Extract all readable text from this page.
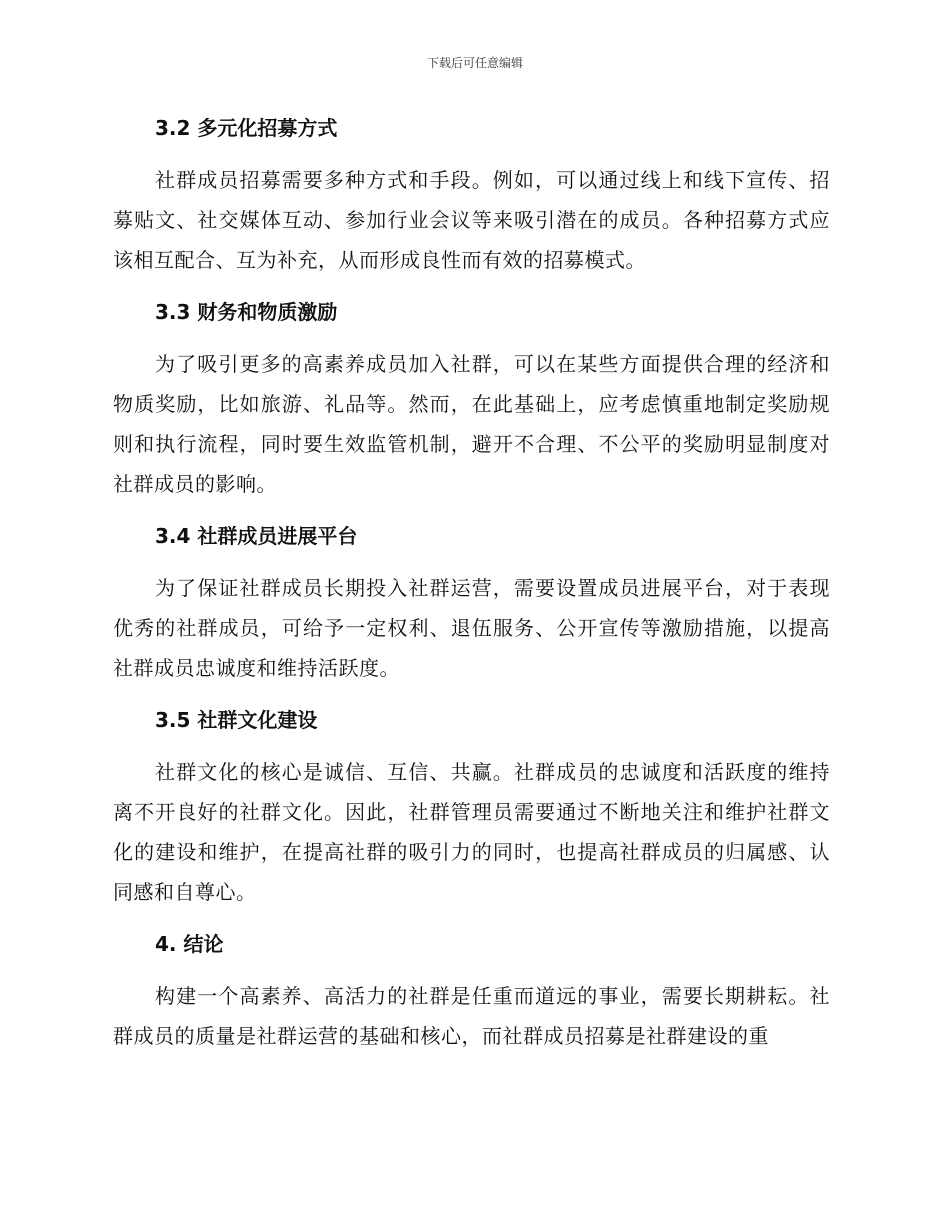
下载后可任意编辑
3.2 多元化招募方式

社群成员招募需要多种方式和手段。例如，可以通过线上和线下宣传、招募贴文、社交媒体互动、参加行业会议等来吸引潜在的成员。各种招募方式应该相互配合、互为补充，从而形成良性而有效的招募模式。

3.3 财务和物质激励

为了吸引更多的高素养成员加入社群，可以在某些方面提供合理的经济和物质奖励，比如旅游、礼品等。然而，在此基础上，应考虑慎重地制定奖励规则和执行流程，同时要生效监管机制，避开不合理、不公平的奖励明显制度对社群成员的影响。

3.4 社群成员进展平台

为了保证社群成员长期投入社群运营，需要设置成员进展平台，对于表现优秀的社群成员，可给予一定权利、退伍服务、公开宣传等激励措施，以提高社群成员忠诚度和维持活跃度。

3.5 社群文化建设

社群文化的核心是诚信、互信、共赢。社群成员的忠诚度和活跃度的维持离不开良好的社群文化。因此，社群管理员需要通过不断地关注和维护社群文化的建设和维护，在提高社群的吸引力的同时，也提高社群成员的归属感、认同感和自尊心。

4. 结论

构建一个高素养、高活力的社群是任重而道远的事业，需要长期耕耘。社群成员的质量是社群运营的基础和核心，而社群成员招募是社群建设的重
